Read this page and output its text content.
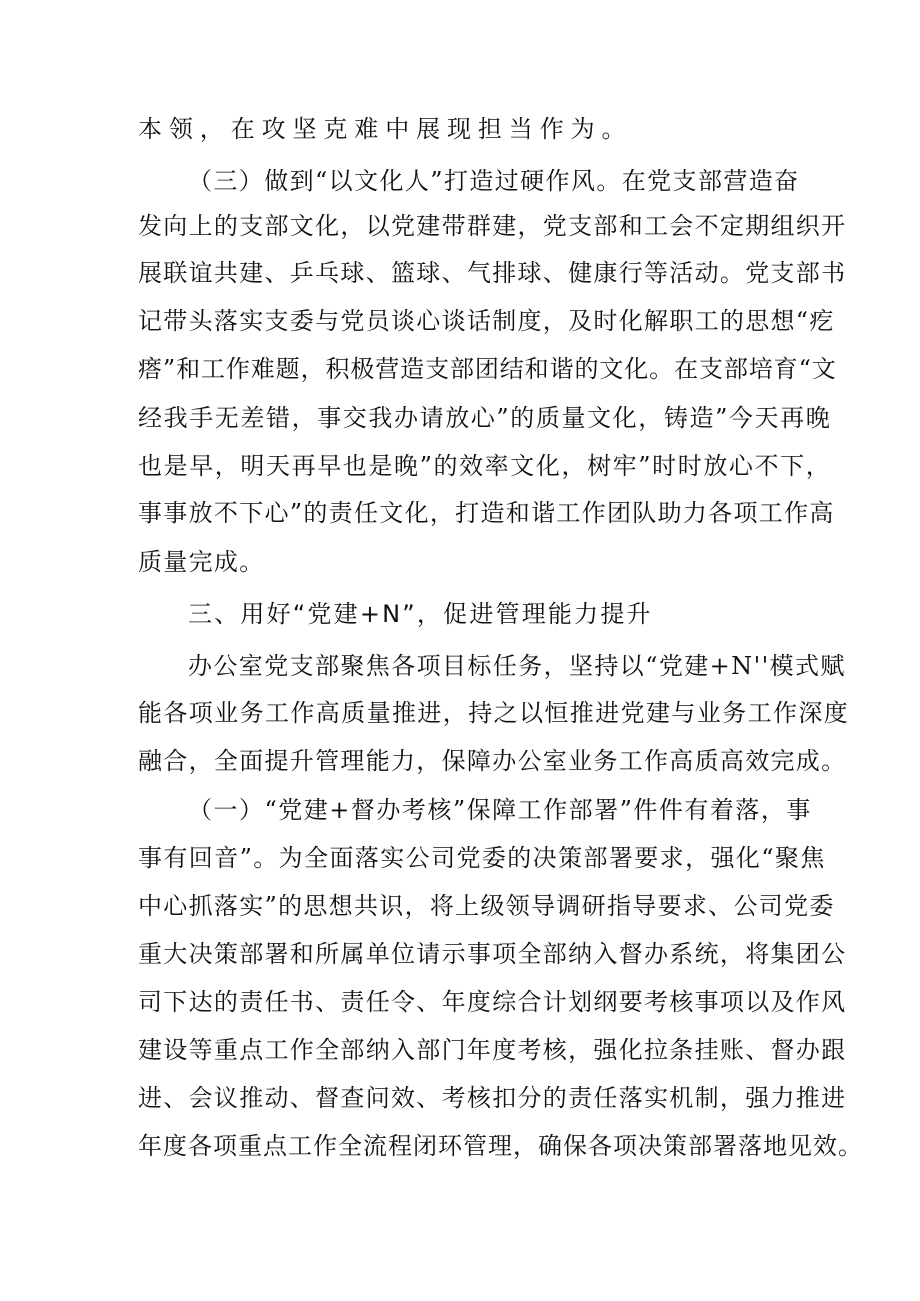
本领，在攻坚克难中展现担当作为。
（三）做到“以文化人”打造过硬作风。在党支部营造奋
发向上的支部文化，以党建带群建，党支部和工会不定期组织开
展联谊共建、乒乓球、篮球、气排球、健康行等活动。党支部书
记带头落实支委与党员谈心谈话制度，及时化解职工的思想“疙
瘩”和工作难题，积极营造支部团结和谐的文化。在支部培育“文
经我手无差错，事交我办请放心”的质量文化，铸造”今天再晚
也是早，明天再早也是晚”的效率文化，树牢”时时放心不下，
事事放不下心”的责任文化，打造和谐工作团队助力各项工作高
质量完成。
三、用好“党建+N”，促进管理能力提升
办公室党支部聚焦各项目标任务，坚持以“党建+N''模式赋
能各项业务工作高质量推进，持之以恒推进党建与业务工作深度
融合，全面提升管理能力，保障办公室业务工作高质高效完成。
（一）“党建+督办考核”保障工作部署”件件有着落，事
事有回音”。为全面落实公司党委的决策部署要求，强化“聚焦
中心抓落实”的思想共识，将上级领导调研指导要求、公司党委
重大决策部署和所属单位请示事项全部纳入督办系统，将集团公
司下达的责任书、责任令、年度综合计划纲要考核事项以及作风
建设等重点工作全部纳入部门年度考核，强化拉条挂账、督办跟
进、会议推动、督查问效、考核扣分的责任落实机制，强力推进
年度各项重点工作全流程闭环管理，确保各项决策部署落地见效。
